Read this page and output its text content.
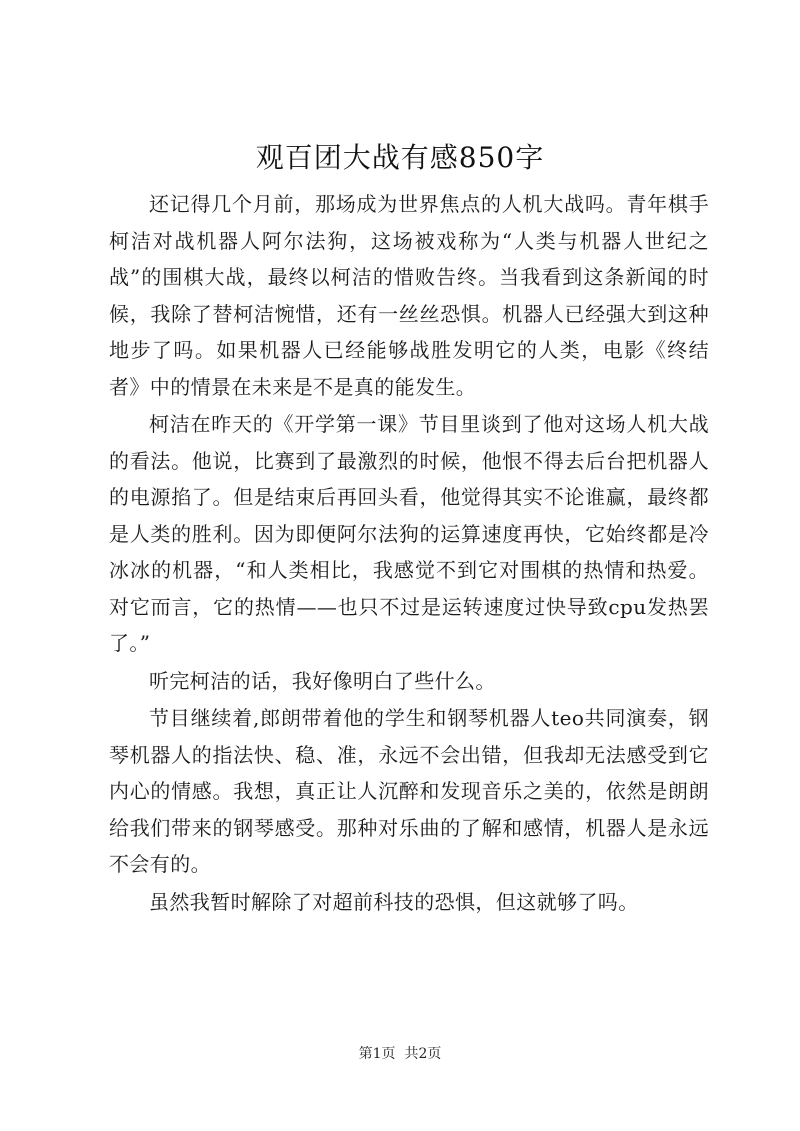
观百团大战有感850字

还记得几个月前，那场成为世界焦点的人机大战吗。青年棋手柯洁对战机器人阿尔法狗，这场被戏称为“人类与机器人世纪之战”的围棋大战，最终以柯洁的惜败告终。当我看到这条新闻的时候，我除了替柯洁惋惜，还有一丝丝恐惧。机器人已经强大到这种地步了吗。如果机器人已经能够战胜发明它的人类，电影《终结者》中的情景在未来是不是真的能发生。

柯洁在昨天的《开学第一课》节目里谈到了他对这场人机大战的看法。他说，比赛到了最激烈的时候，他恨不得去后台把机器人的电源掐了。但是结束后再回头看，他觉得其实不论谁赢，最终都是人类的胜利。因为即便阿尔法狗的运算速度再快，它始终都是冷冰冰的机器，“和人类相比，我感觉不到它对围棋的热情和热爱。对它而言，它的热情——也只不过是运转速度过快导致cpu发热罢了。”

听完柯洁的话，我好像明白了些什么。

节目继续着,郎朗带着他的学生和钢琴机器人teo共同演奏，钢琴机器人的指法快、稳、准，永远不会出错，但我却无法感受到它内心的情感。我想，真正让人沉醉和发现音乐之美的，依然是朗朗给我们带来的钢琴感受。那种对乐曲的了解和感情，机器人是永远不会有的。

虽然我暂时解除了对超前科技的恐惧，但这就够了吗。

第1页  共2页
